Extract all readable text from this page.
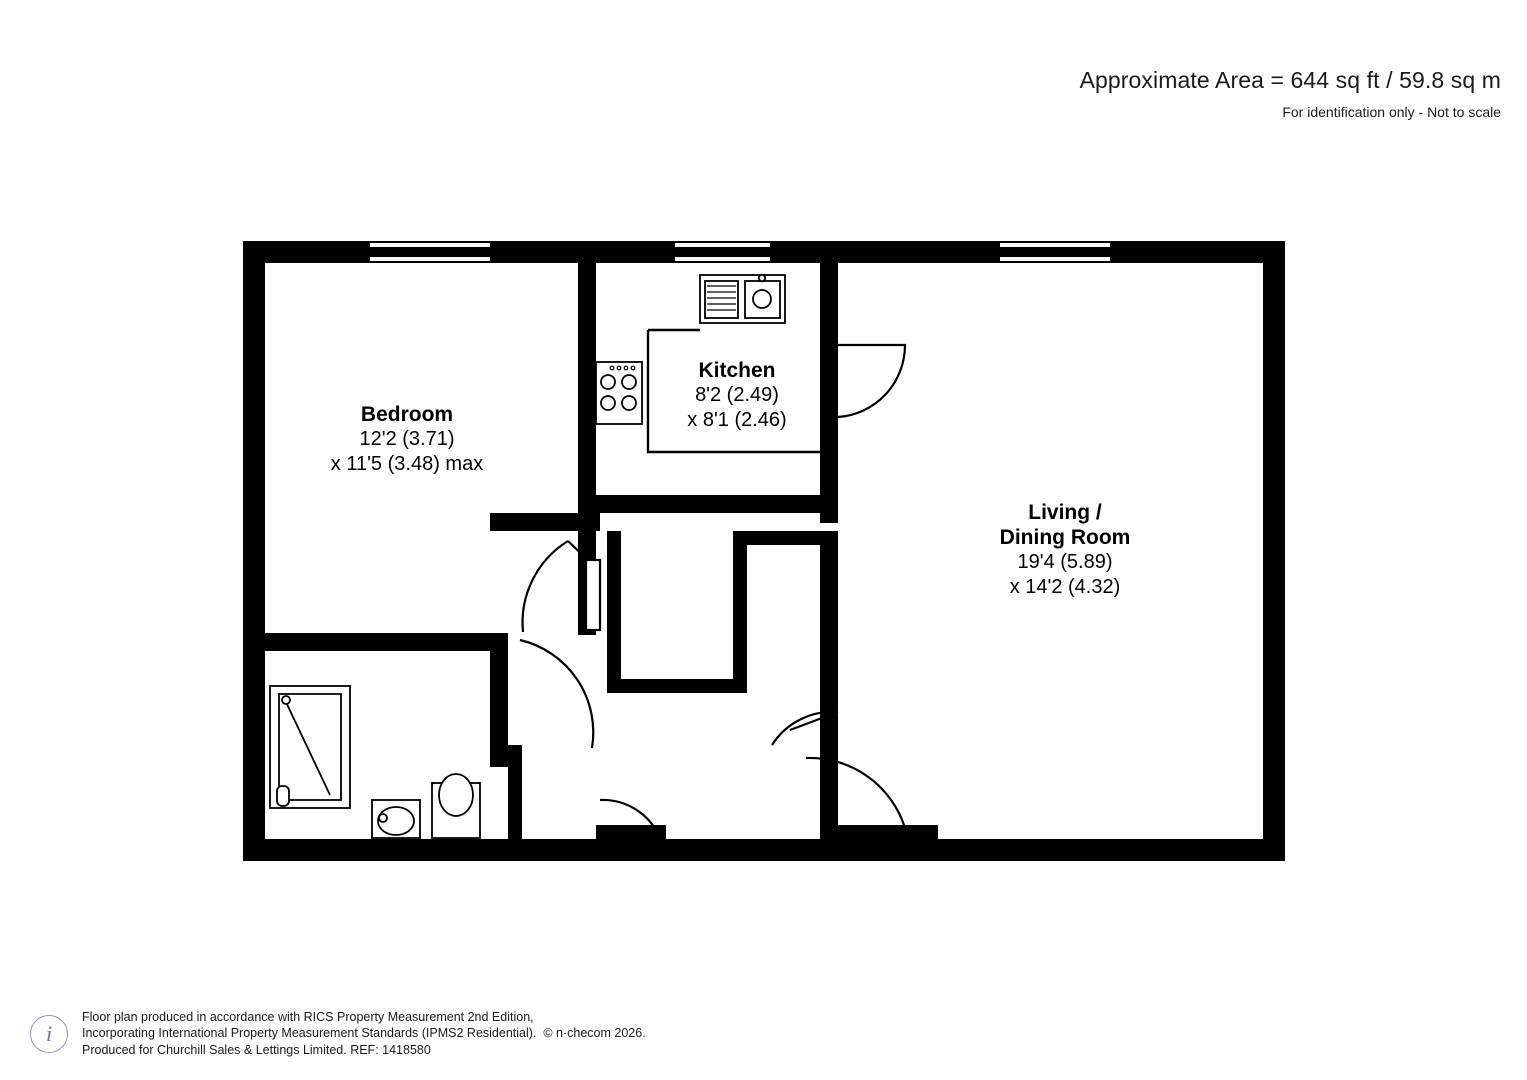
Approximate Area = 644 sq ft / 59.8 sq m
For identification only - Not to scale
Bedroom
12'2 (3.71)
x 11'5 (3.48) max
Kitchen
8'2 (2.49)
x 8'1 (2.46)
Living /
Dining Room
19'4 (5.89)
x 14'2 (4.32)
i
Floor plan produced in accordance with RICS Property Measurement 2nd Edition,
Incorporating International Property Measurement Standards (IPMS2 Residential). © n·checom 2026.
Produced for Churchill Sales & Lettings Limited. REF: 1418580
